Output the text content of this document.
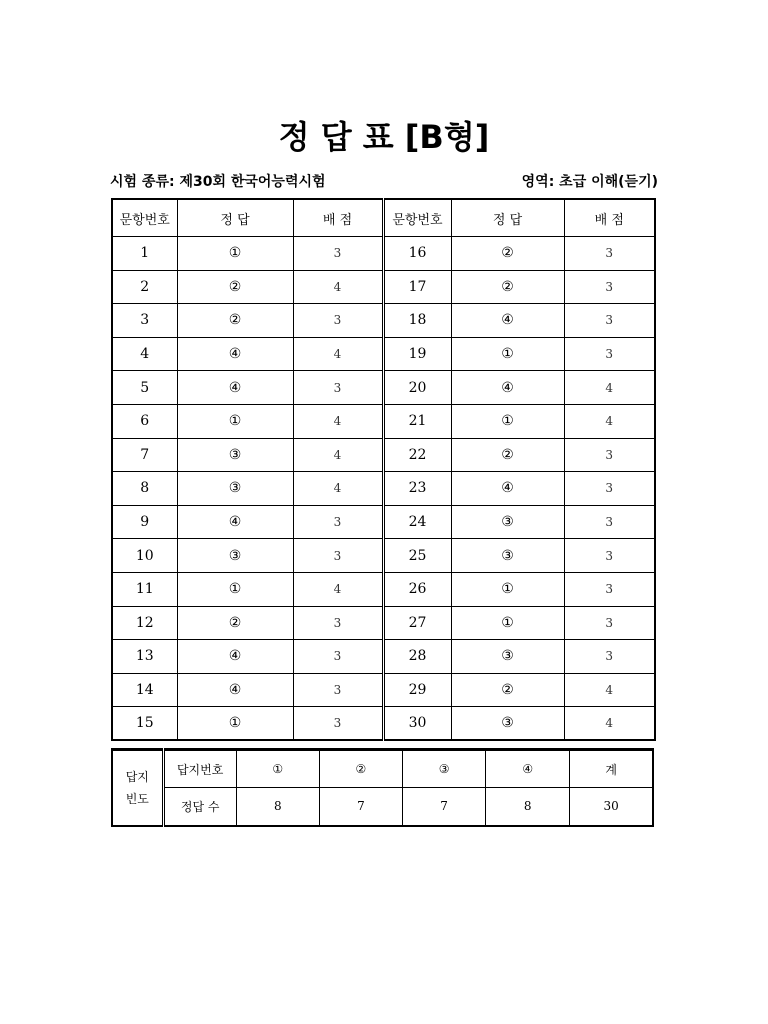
정 답 표 [B형]
시험 종류: 제30회 한국어능력시험	영역: 초급 이해(듣기)
문항번호	정 답	배 점	문항번호	정 답	배 점
1	①	3	16	②	3
2	②	4	17	②	3
3	②	3	18	④	3
4	④	4	19	①	3
5	④	3	20	④	4
6	①	4	21	①	4
7	③	4	22	②	3
8	③	4	23	④	3
9	④	3	24	③	3
10	③	3	25	③	3
11	①	4	26	①	3
12	②	3	27	①	3
13	④	3	28	③	3
14	④	3	29	②	4
15	①	3	30	③	4
답지
빈도	답지번호	①	②	③	④	계
	정답 수	8	7	7	8	30
